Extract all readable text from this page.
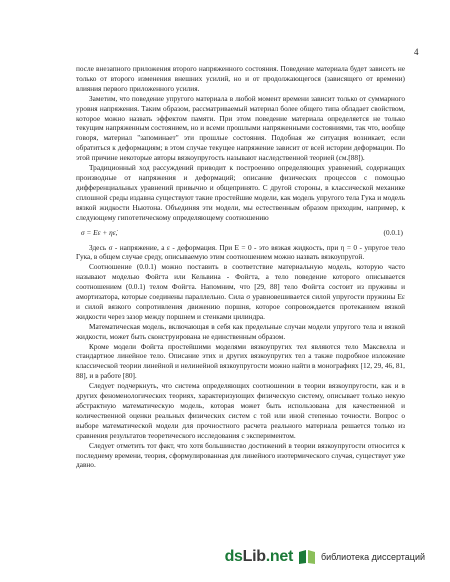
4

после внезапного приложения второго напряженного состояния. Поведение материала будет зависеть не только от второго изменения внешних усилий, но и от продолжающегося (зависящего от времени) влияния первого приложенного усилия.

Заметим, что поведение упругого материала в любой момент времени зависит только от суммарного уровня напряжения. Таким образом, рассматриваемый материал более общего типа обладает свойством, которое можно назвать эффектом памяти. При этом поведение материала определяется не только текущим напряженным состоянием, но и всеми прошлыми напряженными состояниями, так что, вообще говоря, материал "запоминает" эти прошлые состояния. Подобная же ситуация возникает, если обратиться к деформациям; в этом случае текущее напряжение зависит от всей истории деформации. По этой причине некоторые авторы вязкоупругость называют наследственной теорией (см.[88]).

Традиционный ход рассуждений приводит к построению определяющих уравнений, содержащих производные от напряжения и деформаций; описание физических процессов с помощью дифференциальных уравнений привычно и общепринято. С другой стороны, в классической механике сплошной среды издавна существуют такие простейшие модели, как модель упругого тела Гука и модель вязкой жидкости Ньютона. Объединяя эти модели, мы естественным образом приходим, например, к следующему гипотетическому определяющему соотношению

σ = Eε + ηε̇,	(0.0.1)

Здесь σ - напряжение, а ε - деформация. При E = 0 - это вязкая жидкость, при η = 0 - упругое тело Гука, в общем случае среду, описываемую этим соотношением можно назвать вязкоупругой.

Соотношение (0.0.1) можно поставить в соответствие материальную модель, которую часто называют моделью Фойгта или Кельвина - Фойгта, а тело поведение которого описывается соотношением (0.0.1) телом Фойгта. Напомним, что [29, 88] тело Фойгта состоит из пружины и амортизатора, которые соединены параллельно. Сила σ уравновешивается силой упругости пружины Eε и силой вязкого сопротивления движению поршня, которое сопровождается протеканием вязкой жидкости через зазор между поршнем и стенками цилиндра.

Математическая модель, включающая в себя как предельные случаи модели упругого тела и вязкой жидкости, может быть сконструирована не единственным образом.

Кроме модели Фойгта простейшими моделями вязкоупругих тел являются тело Максвелла и стандартное линейное тело. Описание этих и других вязкоупругих тел а также подробное изложение классической теории линейной и нелинейной вязкоупругости можно найти в монографиях [12, 29, 46, 81, 88], и в работе [80].

Следует подчеркнуть, что система определяющих соотношении в теории вязкоупругости, как и в других феноменологических теориях, характеризующих физическую систему, описывает только некую абстрактную математическую модель, которая может быть использована для качественной и количественной оценки реальных физических систем с той или иной степенью точности. Вопрос о выборе математической модели для прочностного расчета реального материала решается только из сравнения результатов теоретического исследования с экспериментом.

Следует отметить тот факт, что хотя большинство достижений в теории вязкоупругости относится к последнему времени, теория, сформулированная для линейного изотермического случая, существует уже давно.

dsLib.net	библиотека диссертаций
